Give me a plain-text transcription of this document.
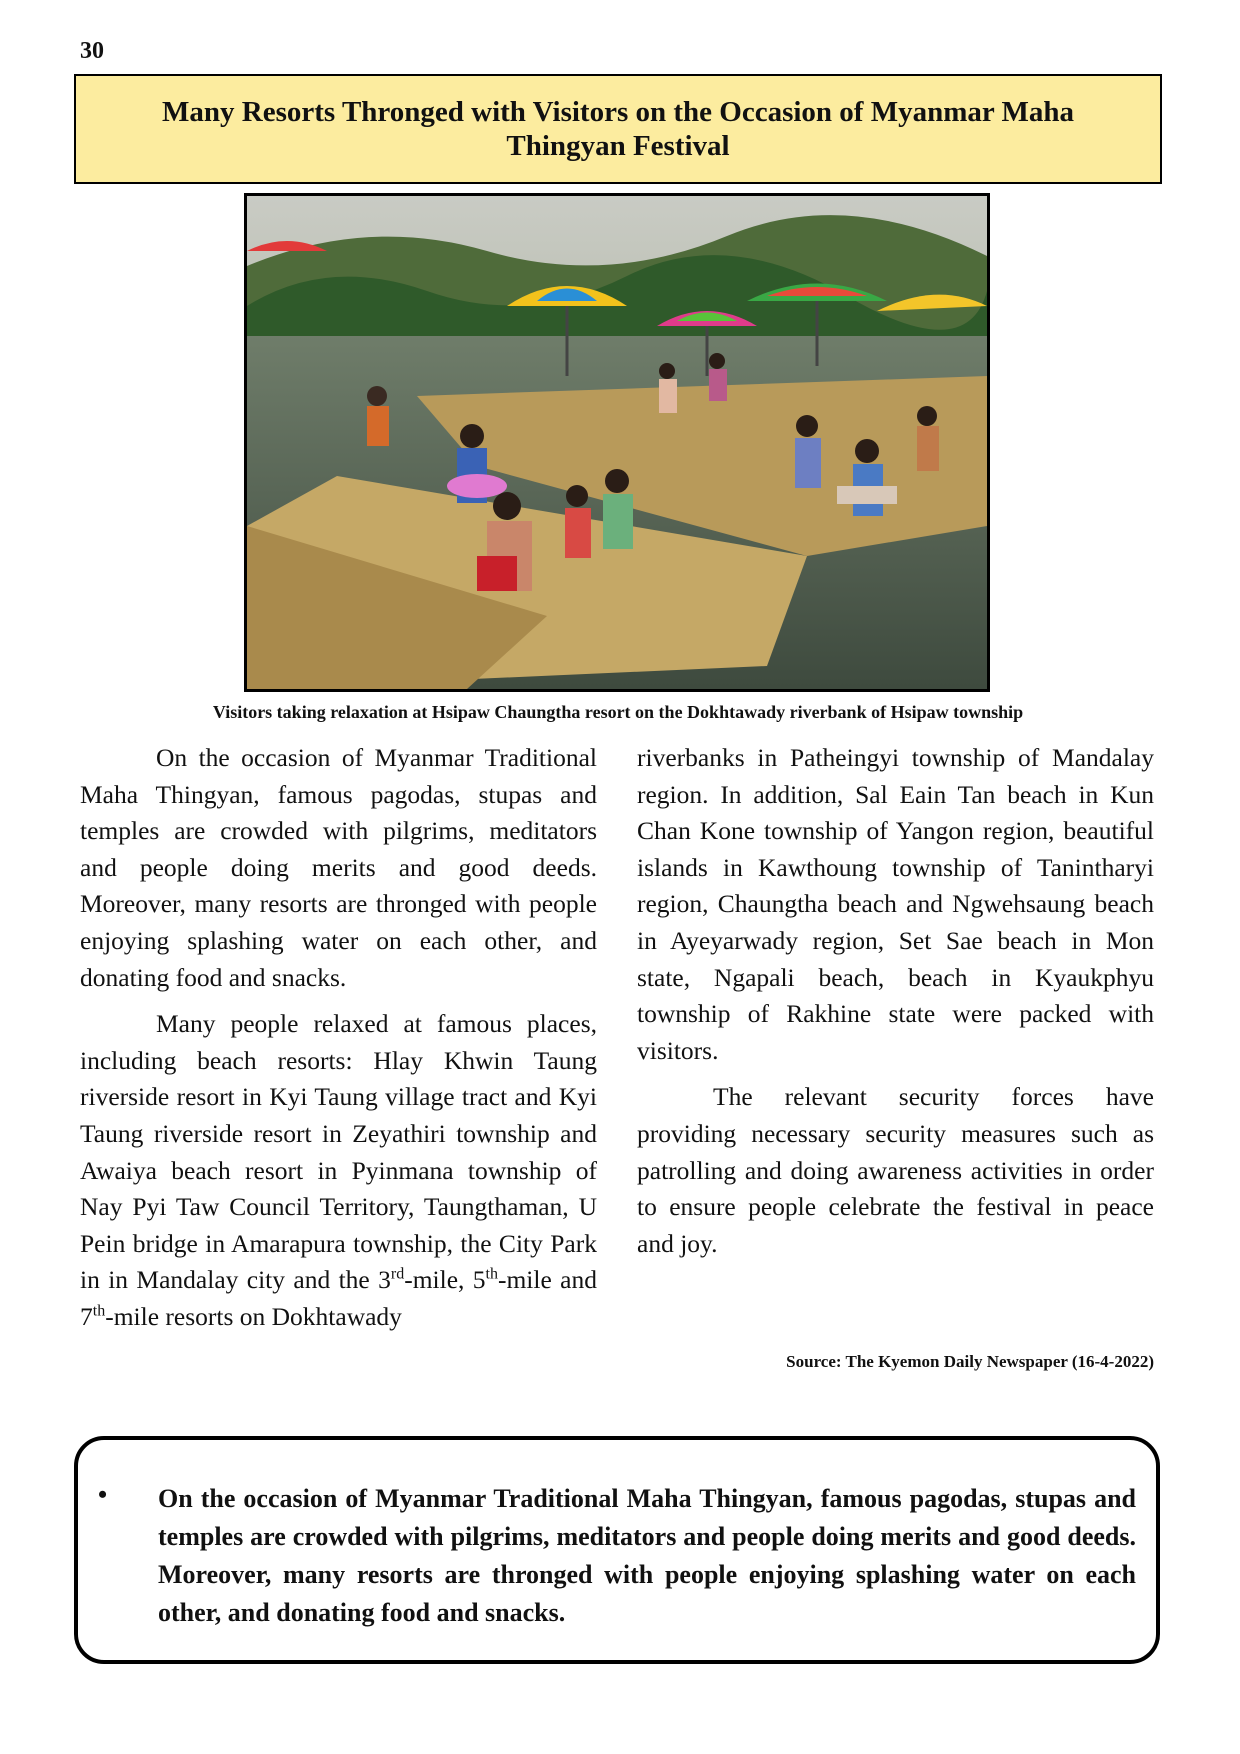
30
Many Resorts Thronged with Visitors on the Occasion of Myanmar Maha Thingyan Festival
Visitors taking relaxation at Hsipaw Chaungtha resort on the Dokhtawady riverbank of Hsipaw township

On the occasion of Myanmar Traditional Maha Thingyan, famous pagodas, stupas and temples are crowded with pilgrims, meditators and people doing merits and good deeds. Moreover, many resorts are thronged with people enjoying splashing water on each other, and donating food and snacks.

Many people relaxed at famous places, including beach resorts: Hlay Khwin Taung riverside resort in Kyi Taung village tract and Kyi Taung riverside resort in Zeyathiri township and Awaiya beach resort in Pyinmana township of Nay Pyi Taw Council Territory, Taungthaman, U Pein bridge in Amarapura township, the City Park in in Mandalay city and the 3rd-mile, 5th-mile and 7th-mile resorts on Dokhtawady

riverbanks in Patheingyi township of Mandalay region. In addition, Sal Eain Tan beach in Kun Chan Kone township of Yangon region, beautiful islands in Kawthoung township of Tanintharyi region, Chaungtha beach and Ngwehsaung beach in Ayeyarwady region, Set Sae beach in Mon state, Ngapali beach, beach in Kyaukphyu township of Rakhine state were packed with visitors.

The relevant security forces have providing necessary security measures such as patrolling and doing awareness activities in order to ensure people celebrate the festival in peace and joy.

Source: The Kyemon Daily Newspaper (16-4-2022)
•	On the occasion of Myanmar Traditional Maha Thingyan, famous pagodas, stupas and temples are crowded with pilgrims, meditators and people doing merits and good deeds. Moreover, many resorts are thronged with people enjoying splashing water on each other, and donating food and snacks.
